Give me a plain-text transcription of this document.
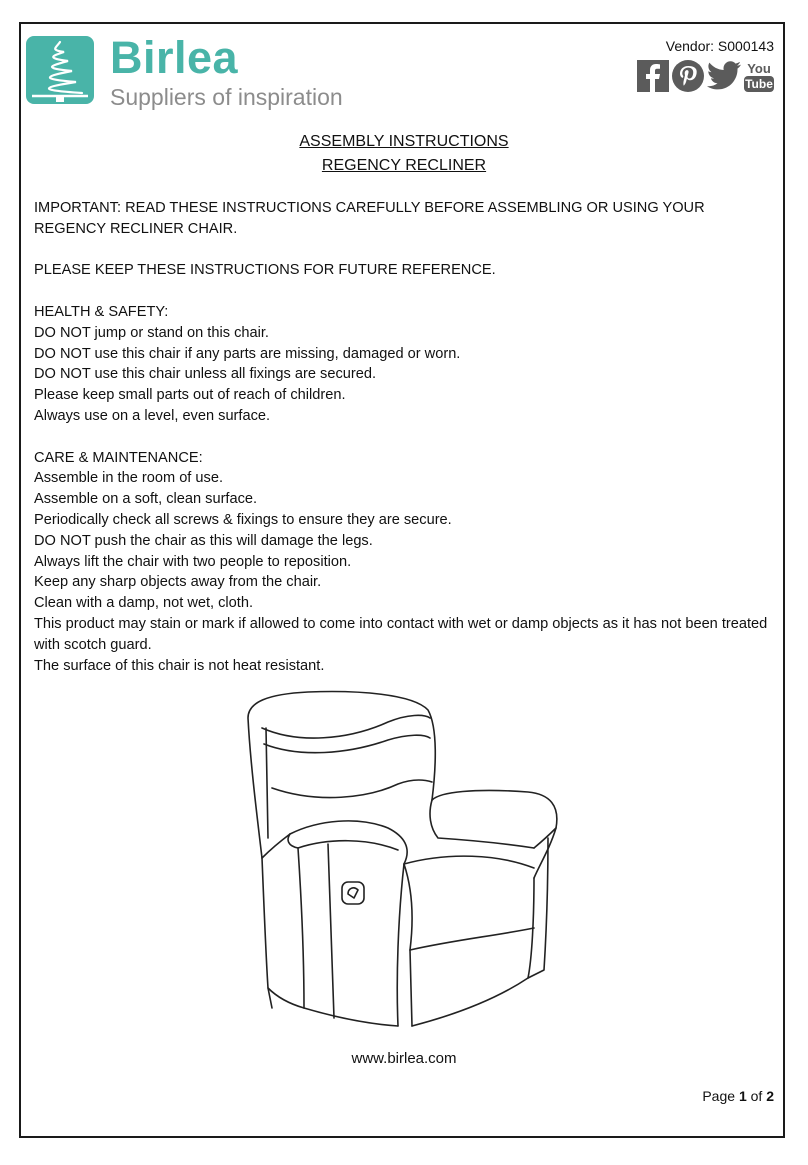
Birlea
Suppliers of inspiration
Vendor: S000143
You
Tube
ASSEMBLY INSTRUCTIONS
REGENCY RECLINER

IMPORTANT: READ THESE INSTRUCTIONS CAREFULLY BEFORE ASSEMBLING OR USING YOUR REGENCY RECLINER CHAIR.

PLEASE KEEP THESE INSTRUCTIONS FOR FUTURE REFERENCE.

HEALTH & SAFETY:

DO NOT jump or stand on this chair.

DO NOT use this chair if any parts are missing, damaged or worn.

DO NOT use this chair unless all fixings are secured.

Please keep small parts out of reach of children.

Always use on a level, even surface.

CARE & MAINTENANCE:

Assemble in the room of use.

Assemble on a soft, clean surface.

Periodically check all screws & fixings to ensure they are secure.

DO NOT push the chair as this will damage the legs.

Always lift the chair with two people to reposition.

Keep any sharp objects away from the chair.

Clean with a damp, not wet, cloth.

This product may stain or mark if allowed to come into contact with wet or damp objects as it has not been treated with scotch guard.

The surface of this chair is not heat resistant.

www.birlea.com
Page 1 of 2
